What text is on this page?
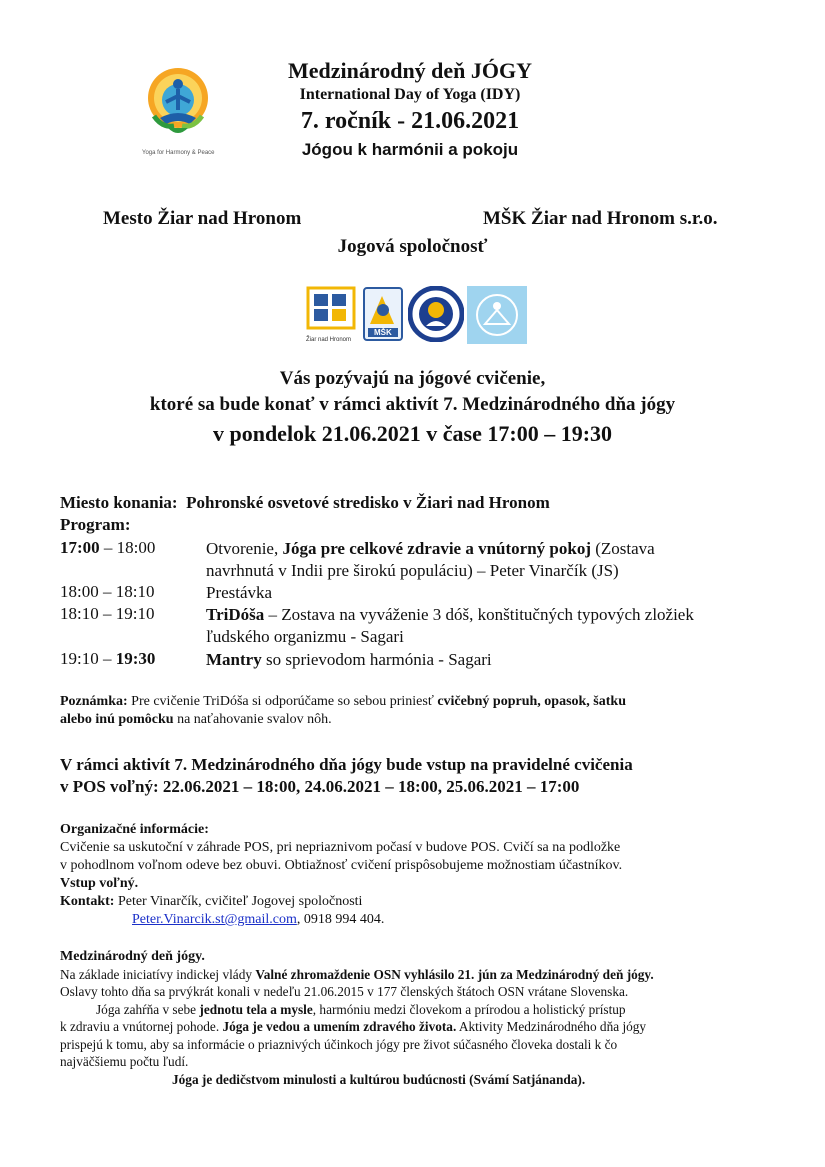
Yoga for Harmony & Peace
Medzinárodný deň JÓGY
International Day of Yoga (IDY)
7. ročník - 21.06.2021
Jógou k harmónii a pokoju
Mesto Žiar nad Hronom	MŠK Žiar nad Hronom s.r.o.
Jogová spoločnosť
Žiar nad Hronom
MŠK
Vás pozývajú na jógové cvičenie,
ktoré sa bude konať v rámci aktivít 7. Medzinárodného dňa jógy
v pondelok 21.06.2021 v čase 17:00 – 19:30
Miesto konania: Pohronské osvetové stredisko v Žiari nad Hronom
Program:
17:00 – 18:00	Otvorenie, Jóga pre celkové zdravie a vnútorný pokoj (Zostava
navrhnutá v Indii pre širokú populáciu) – Peter Vinarčík (JS)
18:00 – 18:10	Prestávka
18:10 – 19:10	TriDóša – Zostava na vyváženie 3 dóš, konštitučných typových zložiek
ľudského organizmu - Sagari
19:10 – 19:30	Mantry so sprievodom harmónia - Sagari
Poznámka: Pre cvičenie TriDóša si odporúčame so sebou priniesť cvičebný popruh, opasok, šatku
alebo inú pomôcku na naťahovanie svalov nôh.
V rámci aktivít 7. Medzinárodného dňa jógy bude vstup na pravidelné cvičenia
v POS voľný: 22.06.2021 – 18:00, 24.06.2021 – 18:00, 25.06.2021 – 17:00
Organizačné informácie:
Cvičenie sa uskutoční v záhrade POS, pri nepriaznivom počasí v budove POS. Cvičí sa na podložke
v pohodlnom voľnom odeve bez obuvi. Obtiažnosť cvičení prispôsobujeme možnostiam účastníkov.
Vstup voľný.
Kontakt: Peter Vinarčík, cvičiteľ Jogovej spoločnosti
Peter.Vinarcik.st@gmail.com, 0918 994 404.
Medzinárodný deň jógy.
Na základe iniciatívy indickej vlády Valné zhromaždenie OSN vyhlásilo 21. jún za Medzinárodný deň jógy.
Oslavy tohto dňa sa prvýkrát konali v nedeľu 21.06.2015 v 177 členských štátoch OSN vrátane Slovenska.
Jóga zahŕňa v sebe jednotu tela a mysle, harmóniu medzi človekom a prírodou a holistický prístup
k zdraviu a vnútornej pohode. Jóga je vedou a umením zdravého života. Aktivity Medzinárodného dňa jógy
prispejú k tomu, aby sa informácie o priaznivých účinkoch jógy pre život súčasného človeka dostali k čo
najväčšiemu počtu ľudí.
Jóga je dedičstvom minulosti a kultúrou budúcnosti (Svámí Satjánanda).
